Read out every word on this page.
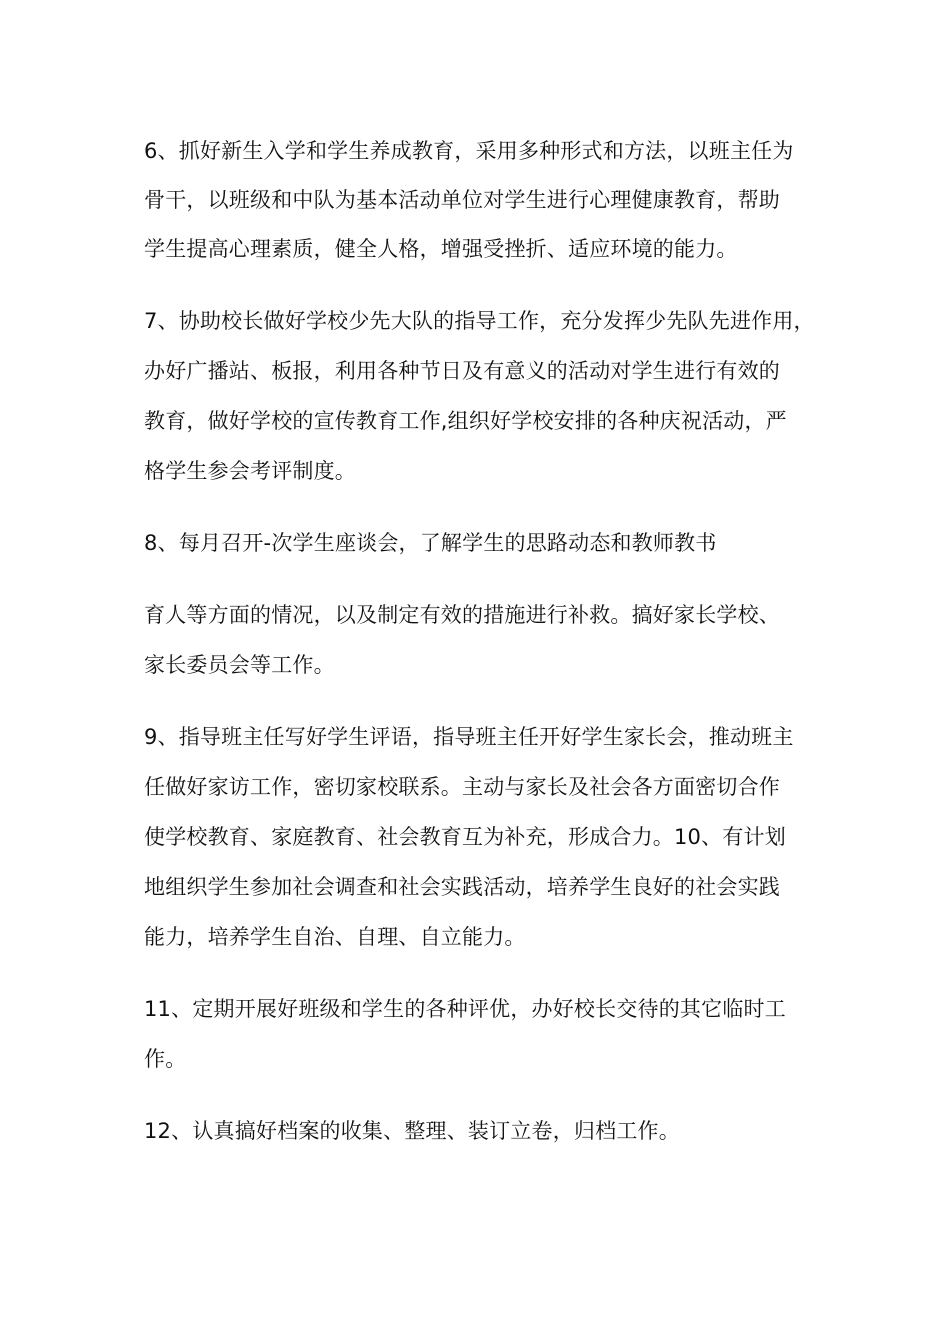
6、抓好新生入学和学生养成教育，采用多种形式和方法，以班主任为

骨干，以班级和中队为基本活动单位对学生进行心理健康教育，帮助

学生提高心理素质，健全人格，增强受挫折、适应环境的能力。

7、协助校长做好学校少先大队的指导工作，充分发挥少先队先进作用，

办好广播站、板报，利用各种节日及有意义的活动对学生进行有效的

教育，做好学校的宣传教育工作,组织好学校安排的各种庆祝活动，严

格学生参会考评制度。

8、每月召开-次学生座谈会，了解学生的思路动态和教师教书

育人等方面的情况，以及制定有效的措施进行补救。搞好家长学校、

家长委员会等工作。

9、指导班主任写好学生评语，指导班主任开好学生家长会，推动班主

任做好家访工作，密切家校联系。主动与家长及社会各方面密切合作

使学校教育、家庭教育、社会教育互为补充，形成合力。10、有计划

地组织学生参加社会调查和社会实践活动，培养学生良好的社会实践

能力，培养学生自治、自理、自立能力。

11、定期开展好班级和学生的各种评优，办好校长交待的其它临时工

作。

12、认真搞好档案的收集、整理、装订立卷，归档工作。
